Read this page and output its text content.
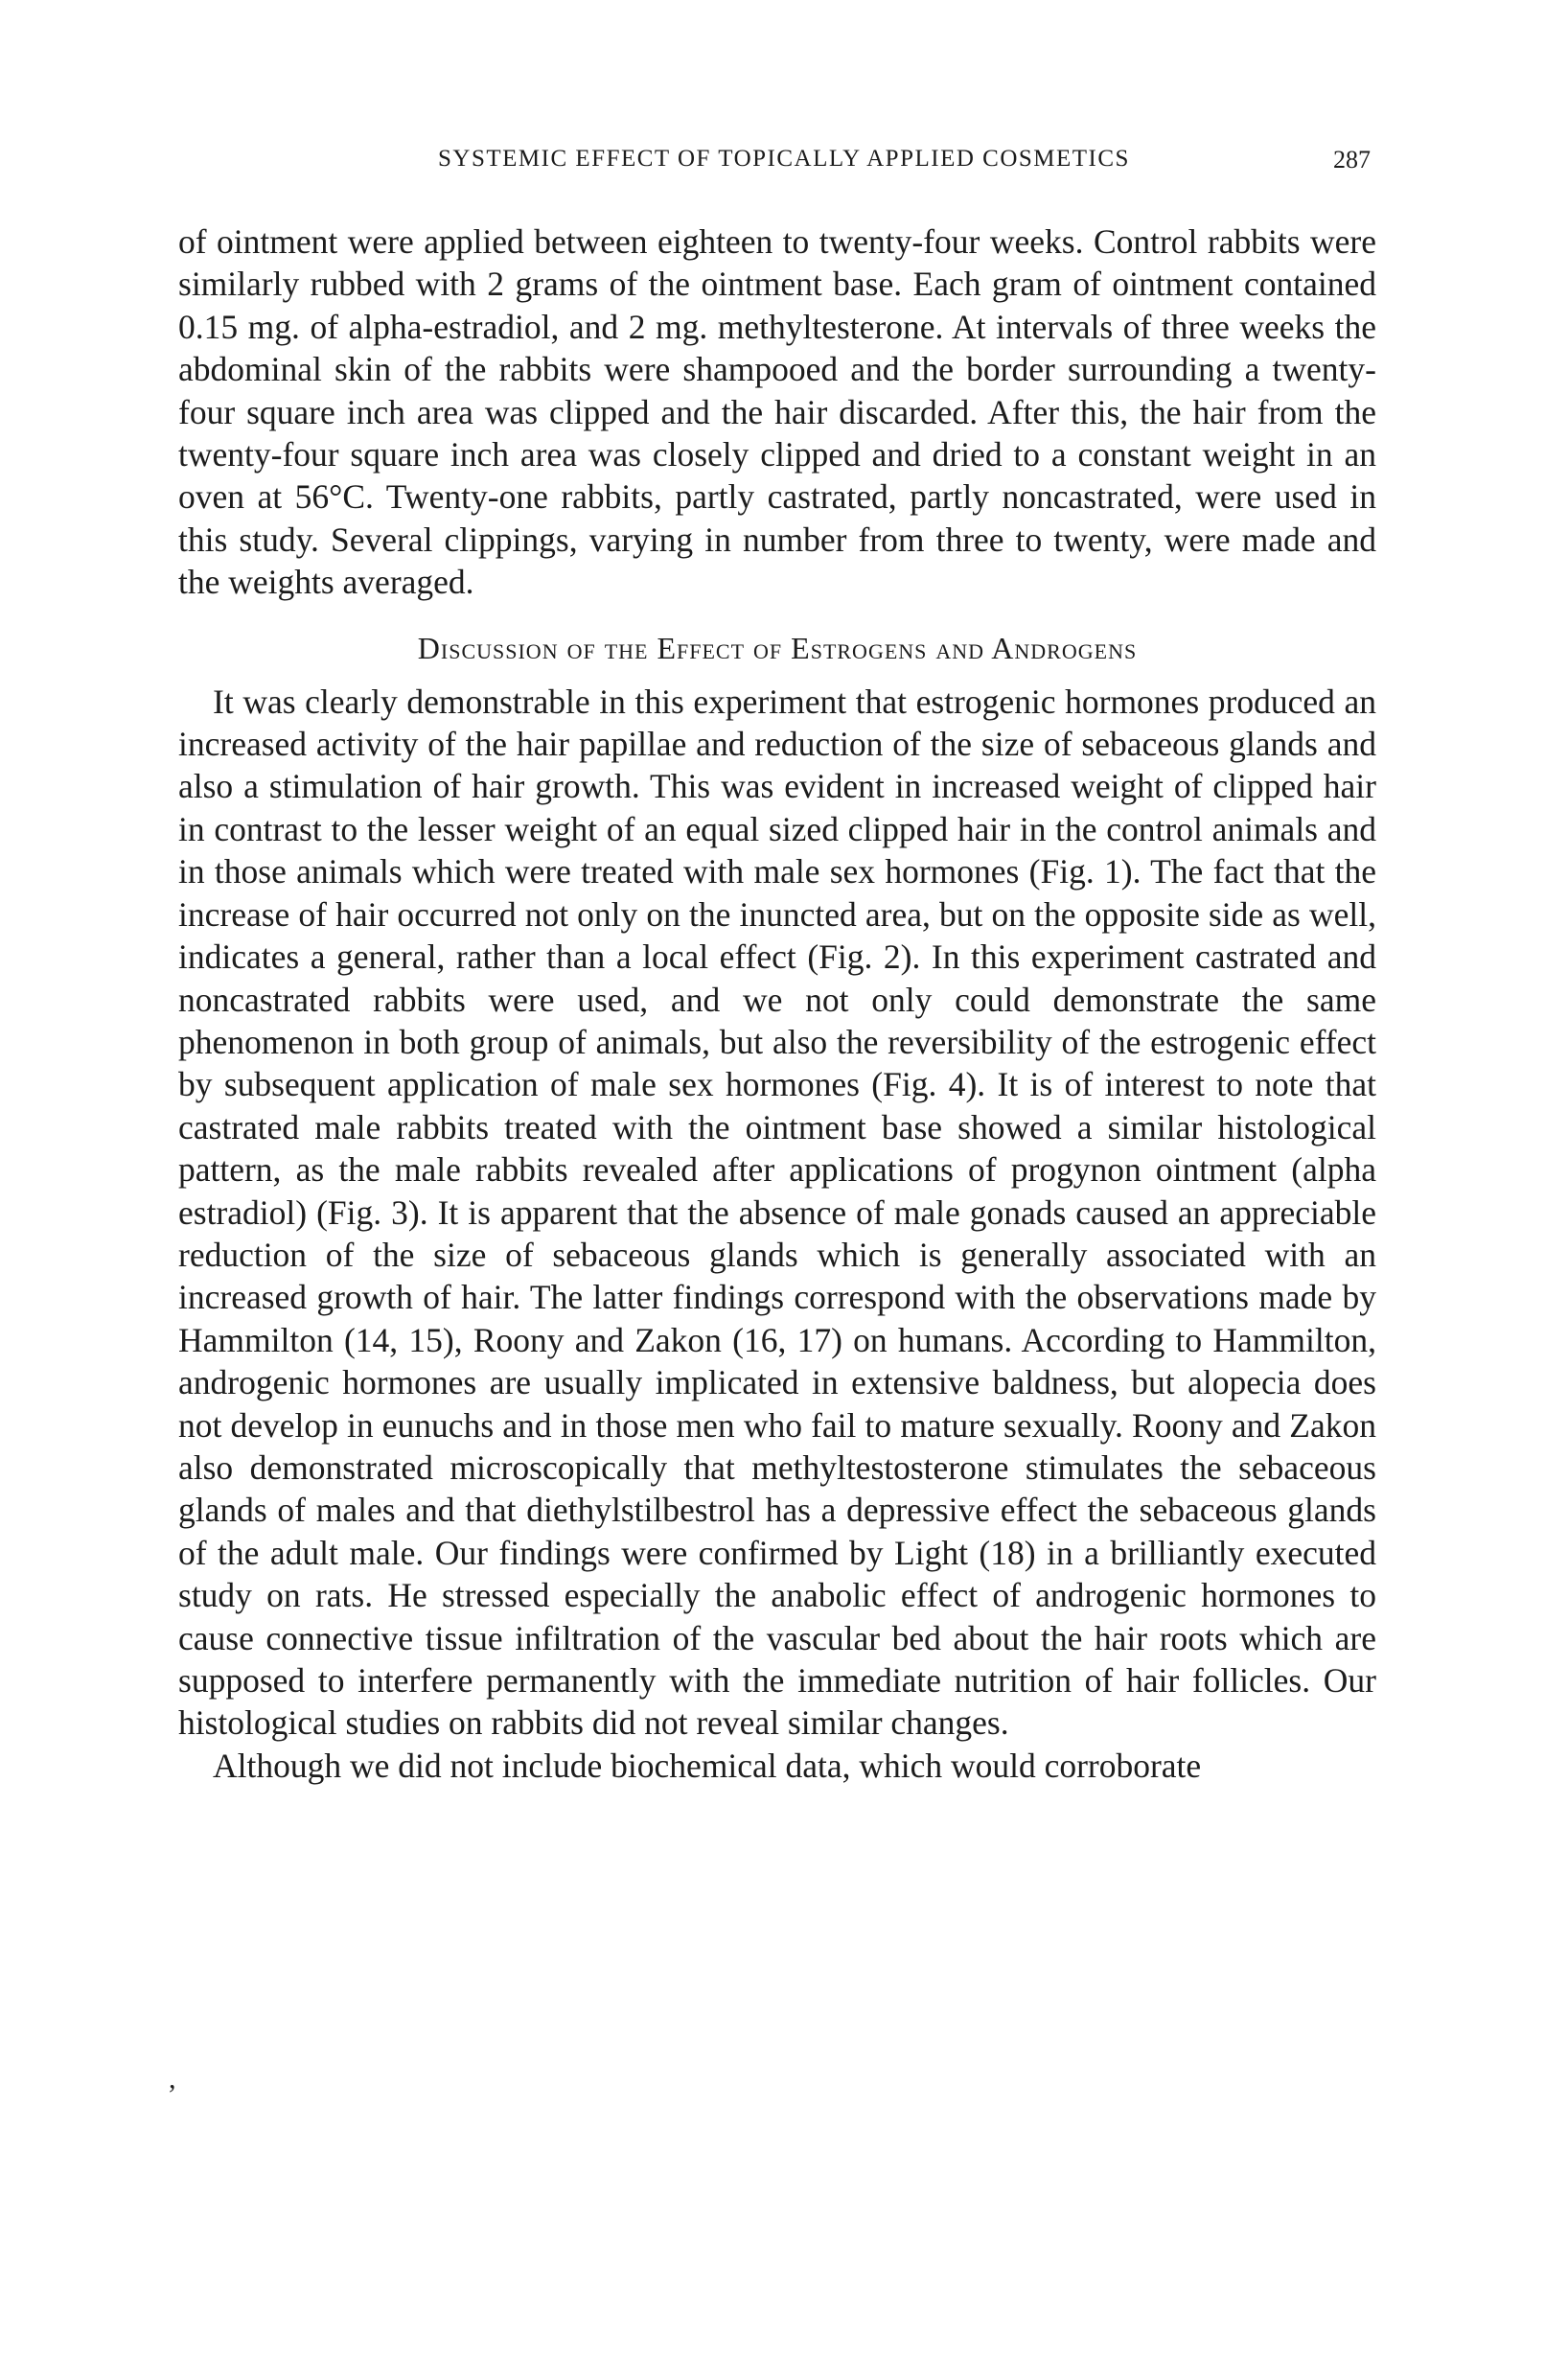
SYSTEMIC EFFECT OF TOPICALLY APPLIED COSMETICS	287

of ointment were applied between eighteen to twenty-four weeks. Control rabbits were similarly rubbed with 2 grams of the ointment base. Each gram of ointment contained 0.15 mg. of alpha-estradiol, and 2 mg. methyltesterone. At intervals of three weeks the abdominal skin of the rabbits were shampooed and the border surrounding a twenty-four square inch area was clipped and the hair discarded. After this, the hair from the twenty-four square inch area was closely clipped and dried to a constant weight in an oven at 56°C. Twenty-one rabbits, partly castrated, partly noncastrated, were used in this study. Several clippings, varying in number from three to twenty, were made and the weights averaged.

Discussion of the Effect of Estrogens and Androgens

It was clearly demonstrable in this experiment that estrogenic hormones produced an increased activity of the hair papillae and reduction of the size of sebaceous glands and also a stimulation of hair growth. This was evident in increased weight of clipped hair in contrast to the lesser weight of an equal sized clipped hair in the control animals and in those animals which were treated with male sex hormones (Fig. 1). The fact that the increase of hair occurred not only on the inuncted area, but on the opposite side as well, indicates a general, rather than a local effect (Fig. 2). In this experiment castrated and noncastrated rabbits were used, and we not only could demonstrate the same phenomenon in both group of animals, but also the reversibility of the estrogenic effect by subsequent application of male sex hormones (Fig. 4). It is of interest to note that castrated male rabbits treated with the ointment base showed a similar histological pattern, as the male rabbits revealed after applications of progynon ointment (alpha estradiol) (Fig. 3). It is apparent that the absence of male gonads caused an appreciable reduction of the size of sebaceous glands which is generally associated with an increased growth of hair. The latter findings correspond with the observations made by Hammilton (14, 15), Roony and Zakon (16, 17) on humans. According to Hammilton, androgenic hormones are usually implicated in extensive baldness, but alopecia does not develop in eunuchs and in those men who fail to mature sexually. Roony and Zakon also demonstrated microscopically that methyltestosterone stimulates the sebaceous glands of males and that diethylstilbestrol has a depressive effect the sebaceous glands of the adult male. Our findings were confirmed by Light (18) in a brilliantly executed study on rats. He stressed especially the anabolic effect of androgenic hormones to cause connective tissue infiltration of the vascular bed about the hair roots which are supposed to interfere permanently with the immediate nutrition of hair follicles. Our histological studies on rabbits did not reveal similar changes.

Although we did not include biochemical data, which would corroborate

,
